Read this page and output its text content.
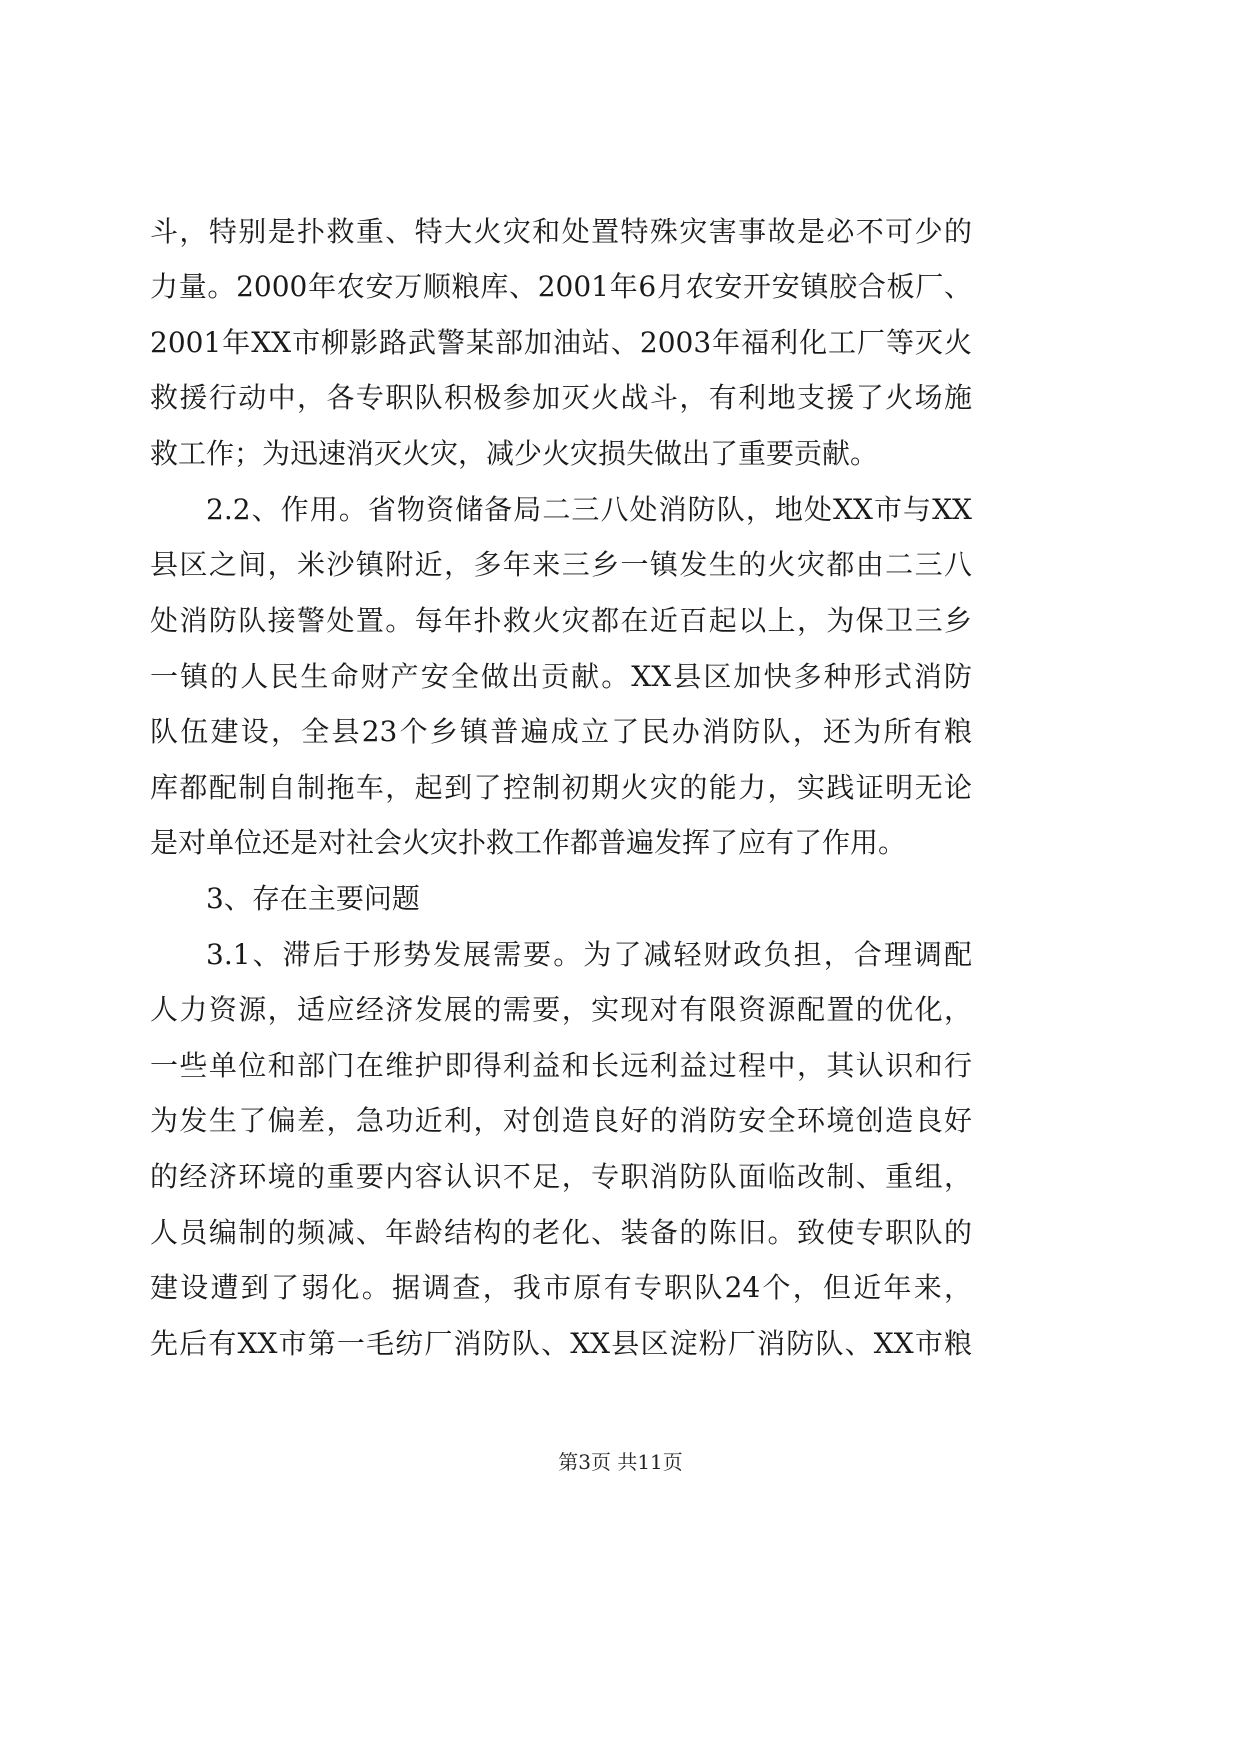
斗，特别是扑救重、特大火灾和处置特殊灾害事故是必不可少的
力量。2000年农安万顺粮库、2001年6月农安开安镇胶合板厂、
2001年XX市柳影路武警某部加油站、2003年福利化工厂等灭火
救援行动中，各专职队积极参加灭火战斗，有利地支援了火场施
救工作；为迅速消灭火灾，减少火灾损失做出了重要贡献。
2.2、作用。省物资储备局二三八处消防队，地处XX市与XX
县区之间，米沙镇附近，多年来三乡一镇发生的火灾都由二三八
处消防队接警处置。每年扑救火灾都在近百起以上，为保卫三乡
一镇的人民生命财产安全做出贡献。XX县区加快多种形式消防
队伍建设，全县23个乡镇普遍成立了民办消防队，还为所有粮
库都配制自制拖车，起到了控制初期火灾的能力，实践证明无论
是对单位还是对社会火灾扑救工作都普遍发挥了应有了作用。
3、存在主要问题
3.1、滞后于形势发展需要。为了减轻财政负担，合理调配
人力资源，适应经济发展的需要，实现对有限资源配置的优化，
一些单位和部门在维护即得利益和长远利益过程中，其认识和行
为发生了偏差，急功近利，对创造良好的消防安全环境创造良好
的经济环境的重要内容认识不足，专职消防队面临改制、重组，
人员编制的频减、年龄结构的老化、装备的陈旧。致使专职队的
建设遭到了弱化。据调查，我市原有专职队24个，但近年来，
先后有XX市第一毛纺厂消防队、XX县区淀粉厂消防队、XX市粮
第3页 共11页
